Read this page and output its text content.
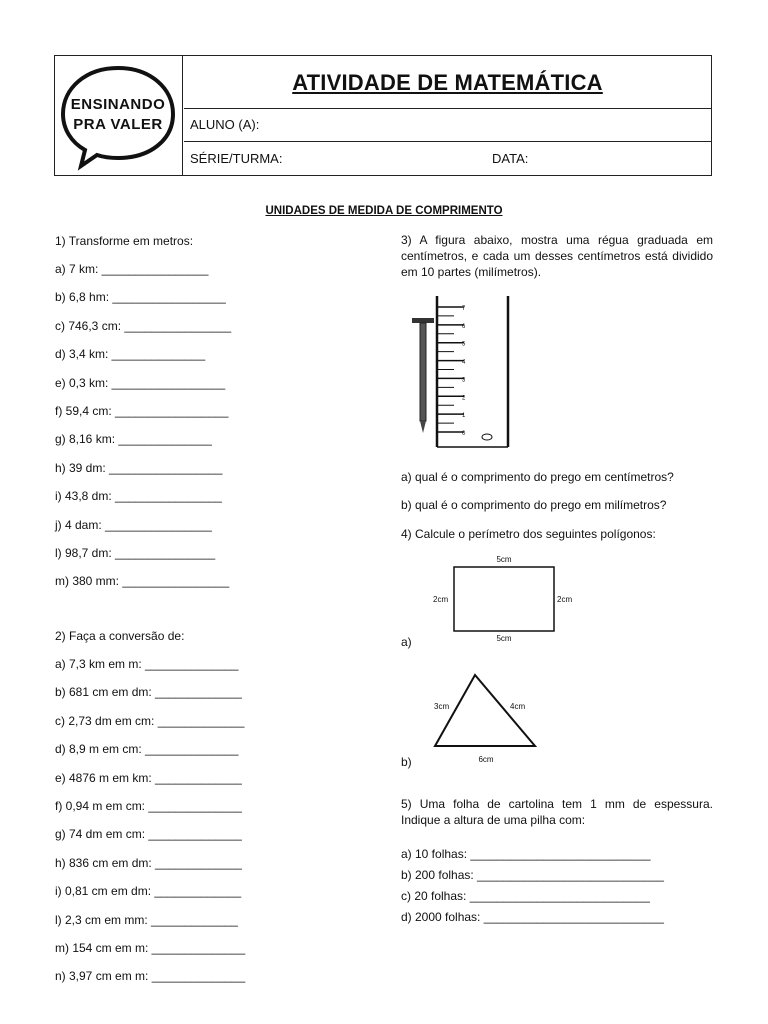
ENSINANDO
PRA VALER
ATIVIDADE DE MATEMÁTICA
ALUNO (A):
SÉRIE/TURMA:	DATA:
UNIDADES DE MEDIDA DE COMPRIMENTO
1) Transforme em metros:
a) 7 km: ________________
b) 6,8 hm: _________________
c) 746,3 cm: ________________
d) 3,4 km: ______________
e) 0,3 km: _________________
f) 59,4 cm: _________________
g) 8,16 km: ______________
h) 39 dm: _________________
i) 43,8 dm: ________________
j) 4 dam: ________________
l) 98,7 dm: _______________
m) 380 mm: ________________
2) Faça a conversão de:
a) 7,3 km em m: ______________
b) 681 cm em dm: _____________
c) 2,73 dm em cm: _____________
d) 8,9 m em cm: ______________
e) 4876 m em km: _____________
f) 0,94 m em cm: ______________
g) 74 dm em cm: ______________
h) 836 cm em dm: _____________
i) 0,81 cm em dm: _____________
l) 2,3 cm em mm: _____________
m) 154 cm em m: ______________
n) 3,97 cm em m: ______________
3) A figura abaixo, mostra uma régua graduada em centímetros, e cada um desses centímetros está dividido em 10 partes (milímetros).
7
6
5
4
3
2
1
0
a) qual é o comprimento do prego em centímetros?
b) qual é o comprimento do prego em milímetros?
4) Calcule o perímetro dos seguintes polígonos:
5cm
2cm	2cm
5cm
a)
3cm	4cm
6cm
b)
5) Uma folha de cartolina tem 1 mm de espessura. Indique a altura de uma pilha com:
a) 10 folhas: ___________________________
b) 200 folhas: ____________________________
c) 20 folhas: ___________________________
d) 2000 folhas: ___________________________
